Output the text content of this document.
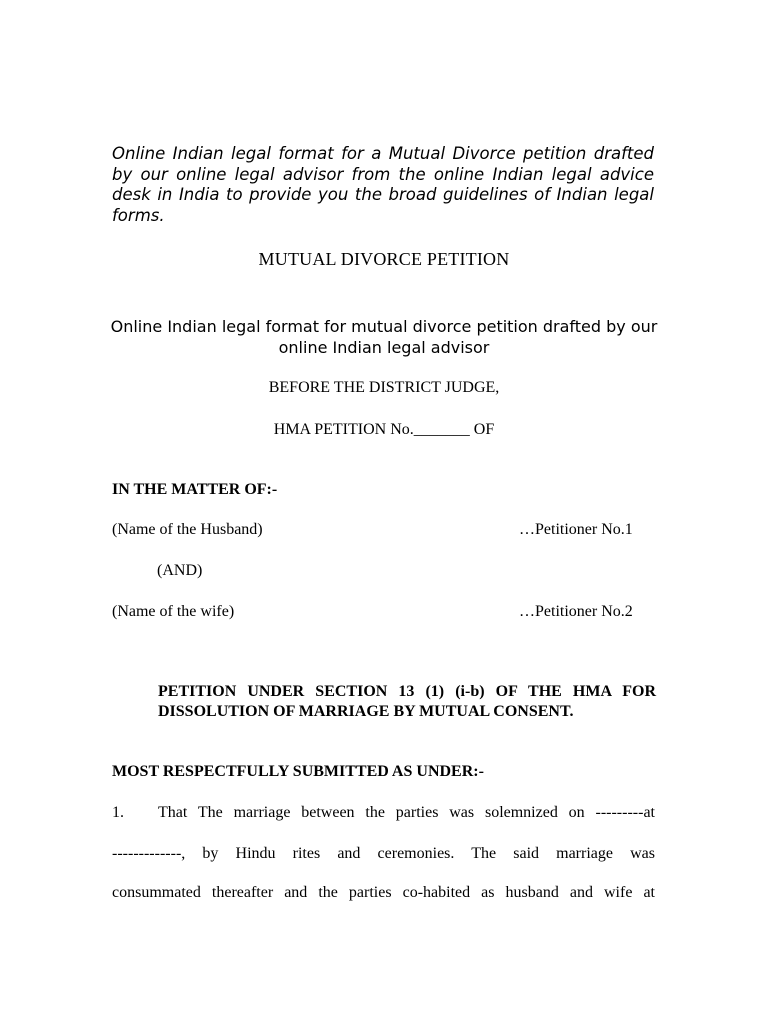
Online Indian legal format for a Mutual Divorce petition drafted by our online legal advisor from the online Indian legal advice desk in India to provide you the broad guidelines of Indian legal forms.
MUTUAL DIVORCE PETITION
Online Indian legal format for mutual divorce petition drafted by our online Indian legal advisor
BEFORE THE DISTRICT JUDGE,
HMA PETITION No._______ OF
IN THE MATTER OF:-
(Name of the Husband)	…Petitioner No.1
(AND)
(Name of the wife)	…Petitioner No.2
PETITION UNDER SECTION 13 (1) (i-b) OF THE HMA FOR DISSOLUTION OF MARRIAGE BY MUTUAL CONSENT.
MOST RESPECTFULLY SUBMITTED AS UNDER:-
1. That The marriage between the parties was solemnized on ---------at
-------------, by Hindu rites and ceremonies. The said marriage was
consummated thereafter and the parties co-habited as husband and wife at
